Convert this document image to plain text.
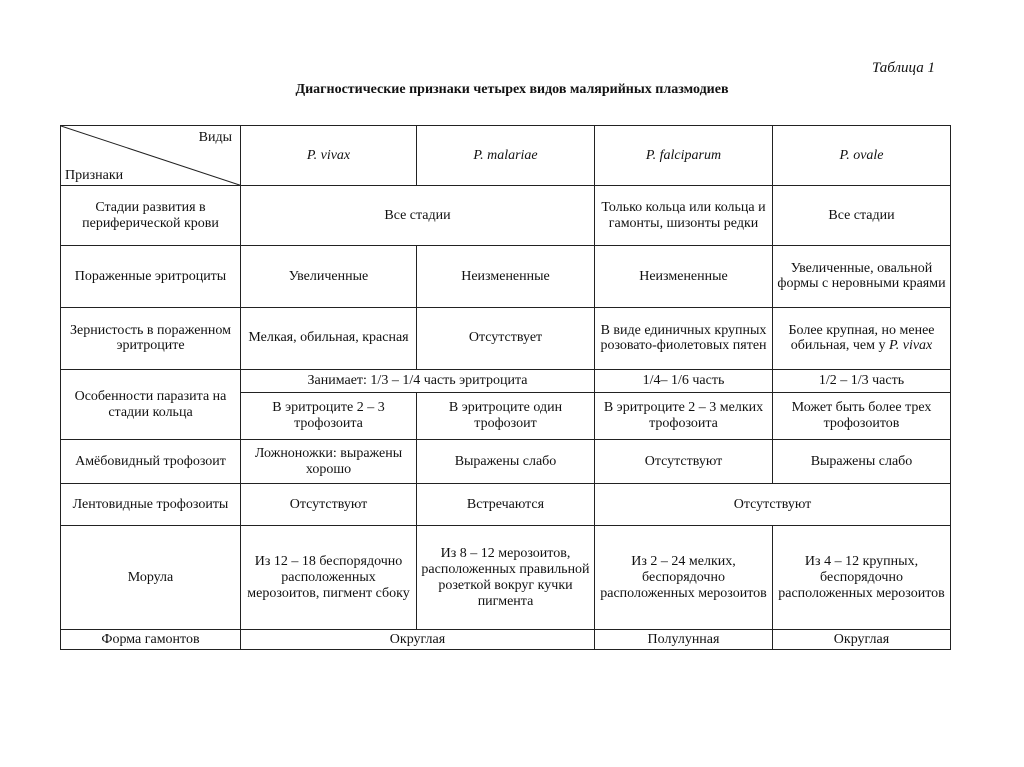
Таблица 1
Диагностические признаки четырех видов малярийных плазмодиев
Виды
Признаки	P. vivax	P. malariae	P. falciparum	P. ovale
Стадии развития в периферической крови	Все стадии		Только кольца или кольца и гамонты, шизонты редки	Все стадии
Пораженные эритроциты	Увеличенные	Неизмененные	Неизмененные	Увеличенные, овальной формы с неровными краями
Зернистость в пораженном эритроците	Мелкая, обильная, красная	Отсутствует	В виде единичных крупных розовато-фиолетовых пятен	Более крупная, но менее обильная, чем у P. vivax
Особенности паразита на стадии кольца	Занимает: 1/3 – 1/4 часть эритроцита		1/4– 1/6 часть	1/2 – 1/3 часть
	В эритроците 2 – 3 трофозоита	В эритроците один трофозоит	В эритроците 2 – 3 мелких трофозоита	Может быть более трех трофозоитов
Амёбовидный трофозоит	Ложноножки: выражены хорошо	Выражены слабо	Отсутствуют	Выражены слабо
Лентовидные трофозоиты	Отсутствуют	Встречаются	Отсутствуют	
Морула	Из 12 – 18 беспорядочно расположенных мерозоитов, пигмент сбоку	Из 8 – 12 мерозоитов, расположенных правильной розеткой вокруг кучки пигмента	Из 2 – 24 мелких, беспорядочно расположенных мерозоитов	Из 4 – 12 крупных, беспорядочно расположенных мерозоитов
Форма гамонтов	Округлая		Полулунная	Округлая
